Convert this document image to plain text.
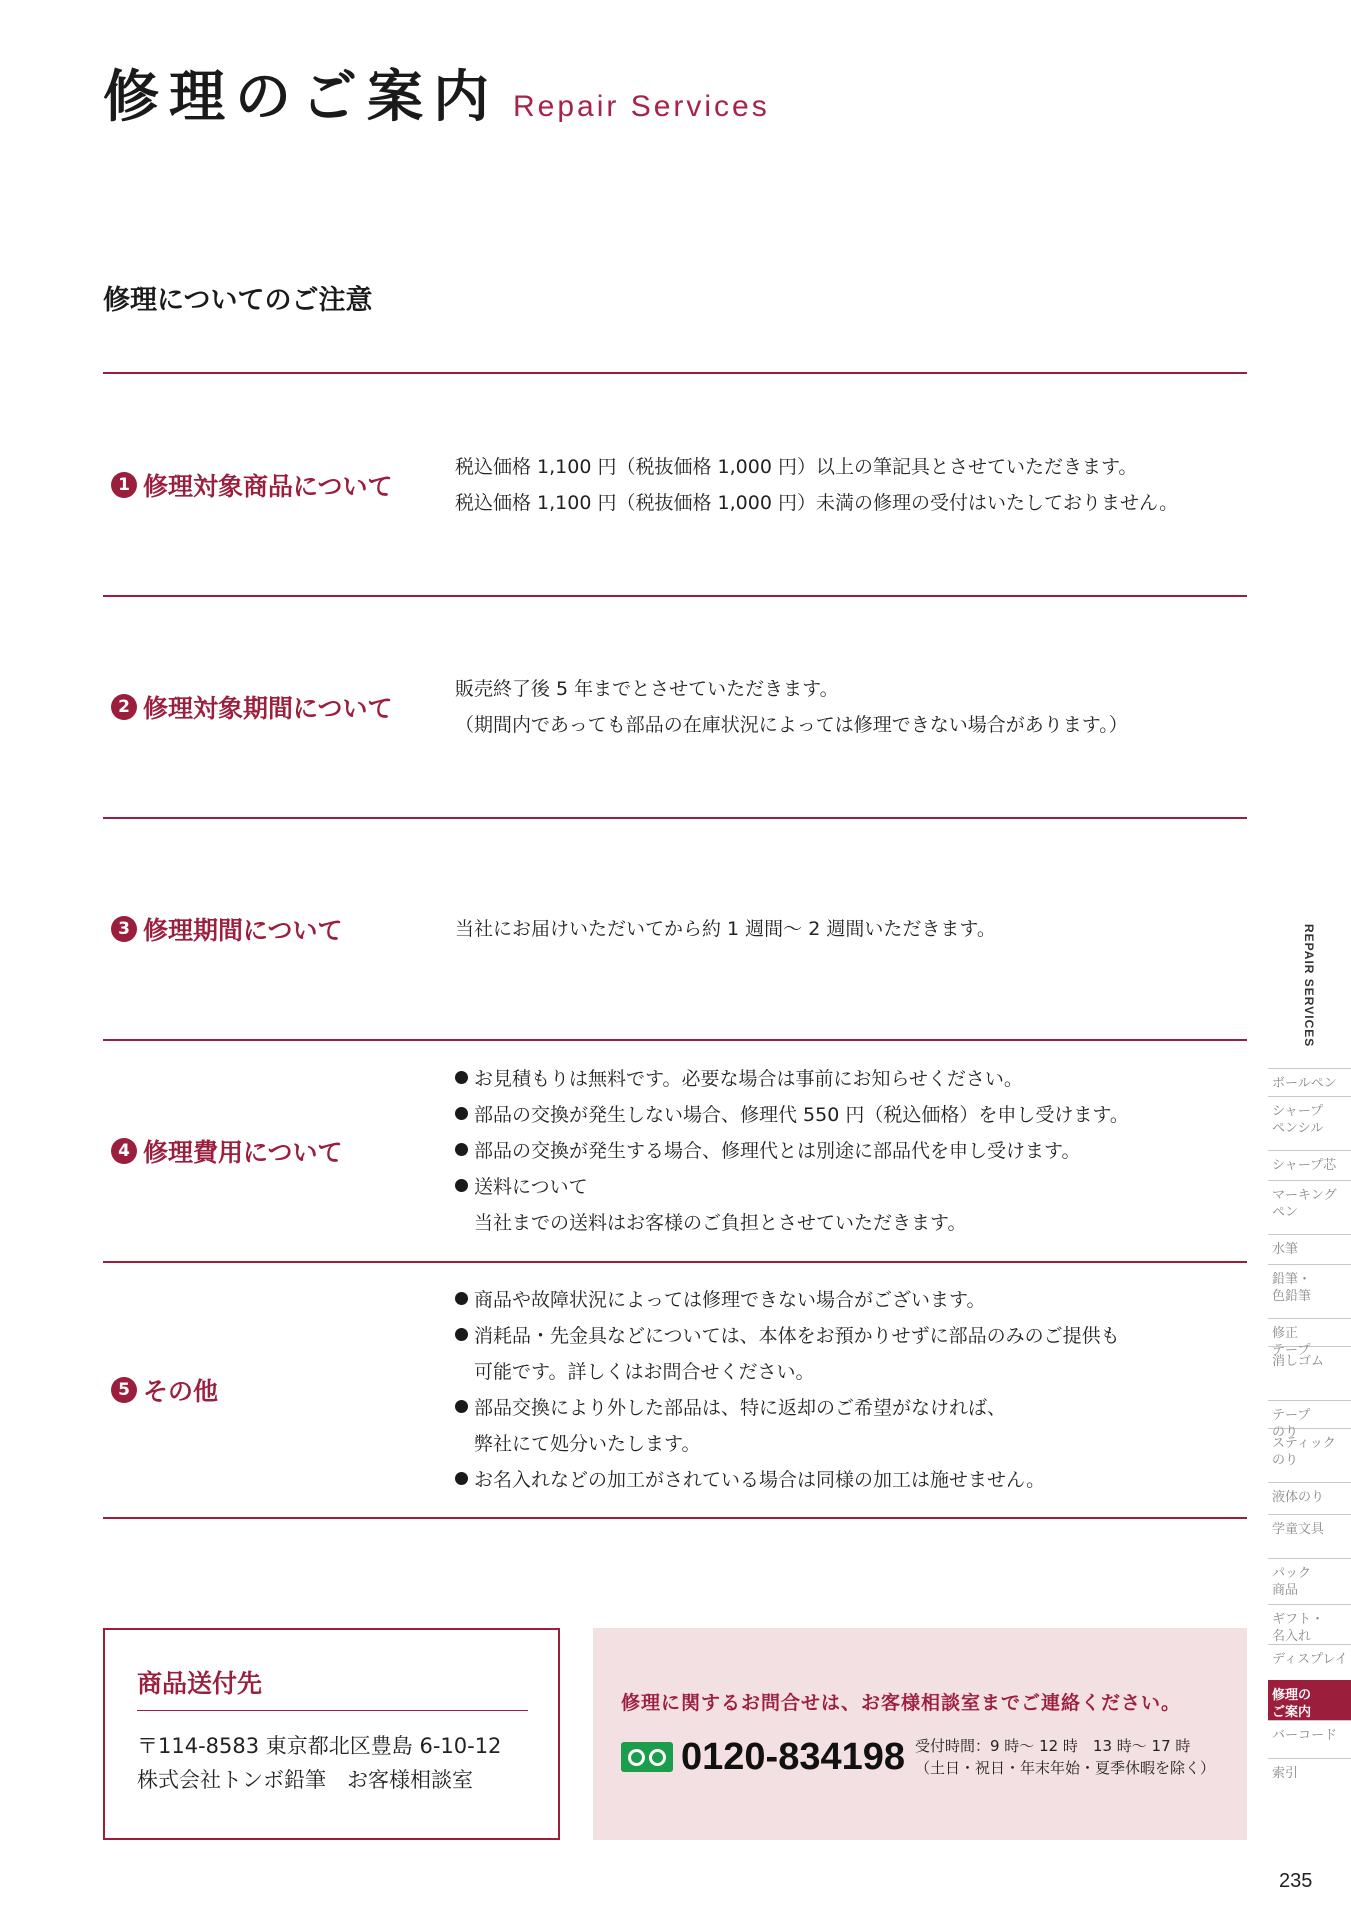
修理のご案内 Repair Services
修理についてのご注意
1 修理対象商品について
税込価格 1,100 円（税抜価格 1,000 円）以上の筆記具とさせていただきます。
税込価格 1,100 円（税抜価格 1,000 円）未満の修理の受付はいたしておりません。
2 修理対象期間について
販売終了後 5 年までとさせていただきます。
（期間内であっても部品の在庫状況によっては修理できない場合があります。）
3 修理期間について	当社にお届けいただいてから約 1 週間～ 2 週間いただきます。
4 修理費用について
お見積もりは無料です。必要な場合は事前にお知らせください。
部品の交換が発生しない場合、修理代 550 円（税込価格）を申し受けます。
部品の交換が発生する場合、修理代とは別途に部品代を申し受けます。
送料について
当社までの送料はお客様のご負担とさせていただきます。
5 その他
商品や故障状況によっては修理できない場合がございます。
消耗品・先金具などについては、本体をお預かりせずに部品のみのご提供も
可能です。詳しくはお問合せください。
部品交換により外した部品は、特に返却のご希望がなければ、
弊社にて処分いたします。
お名入れなどの加工がされている場合は同様の加工は施せません。
商品送付先
〒114-8583 東京都北区豊島 6-10-12
株式会社トンボ鉛筆　お客様相談室
修理に関するお問合せは、お客様相談室までご連絡ください。
0120-834198 受付時間：9 時～ 12 時　13 時～ 17 時
（土日・祝日・年末年始・夏季休暇を除く）
REPAIR SERVICES
ボールペン
シャープ
ペンシル
シャープ芯
マーキング
ペン
水筆
鉛筆・
色鉛筆
修正
テープ
消しゴム
テープ
のり
スティック
のり
液体のり
学童文具
パック
商品
ギフト・
名入れ
ディスプレイ
修理の
ご案内
バーコード
索引
235
